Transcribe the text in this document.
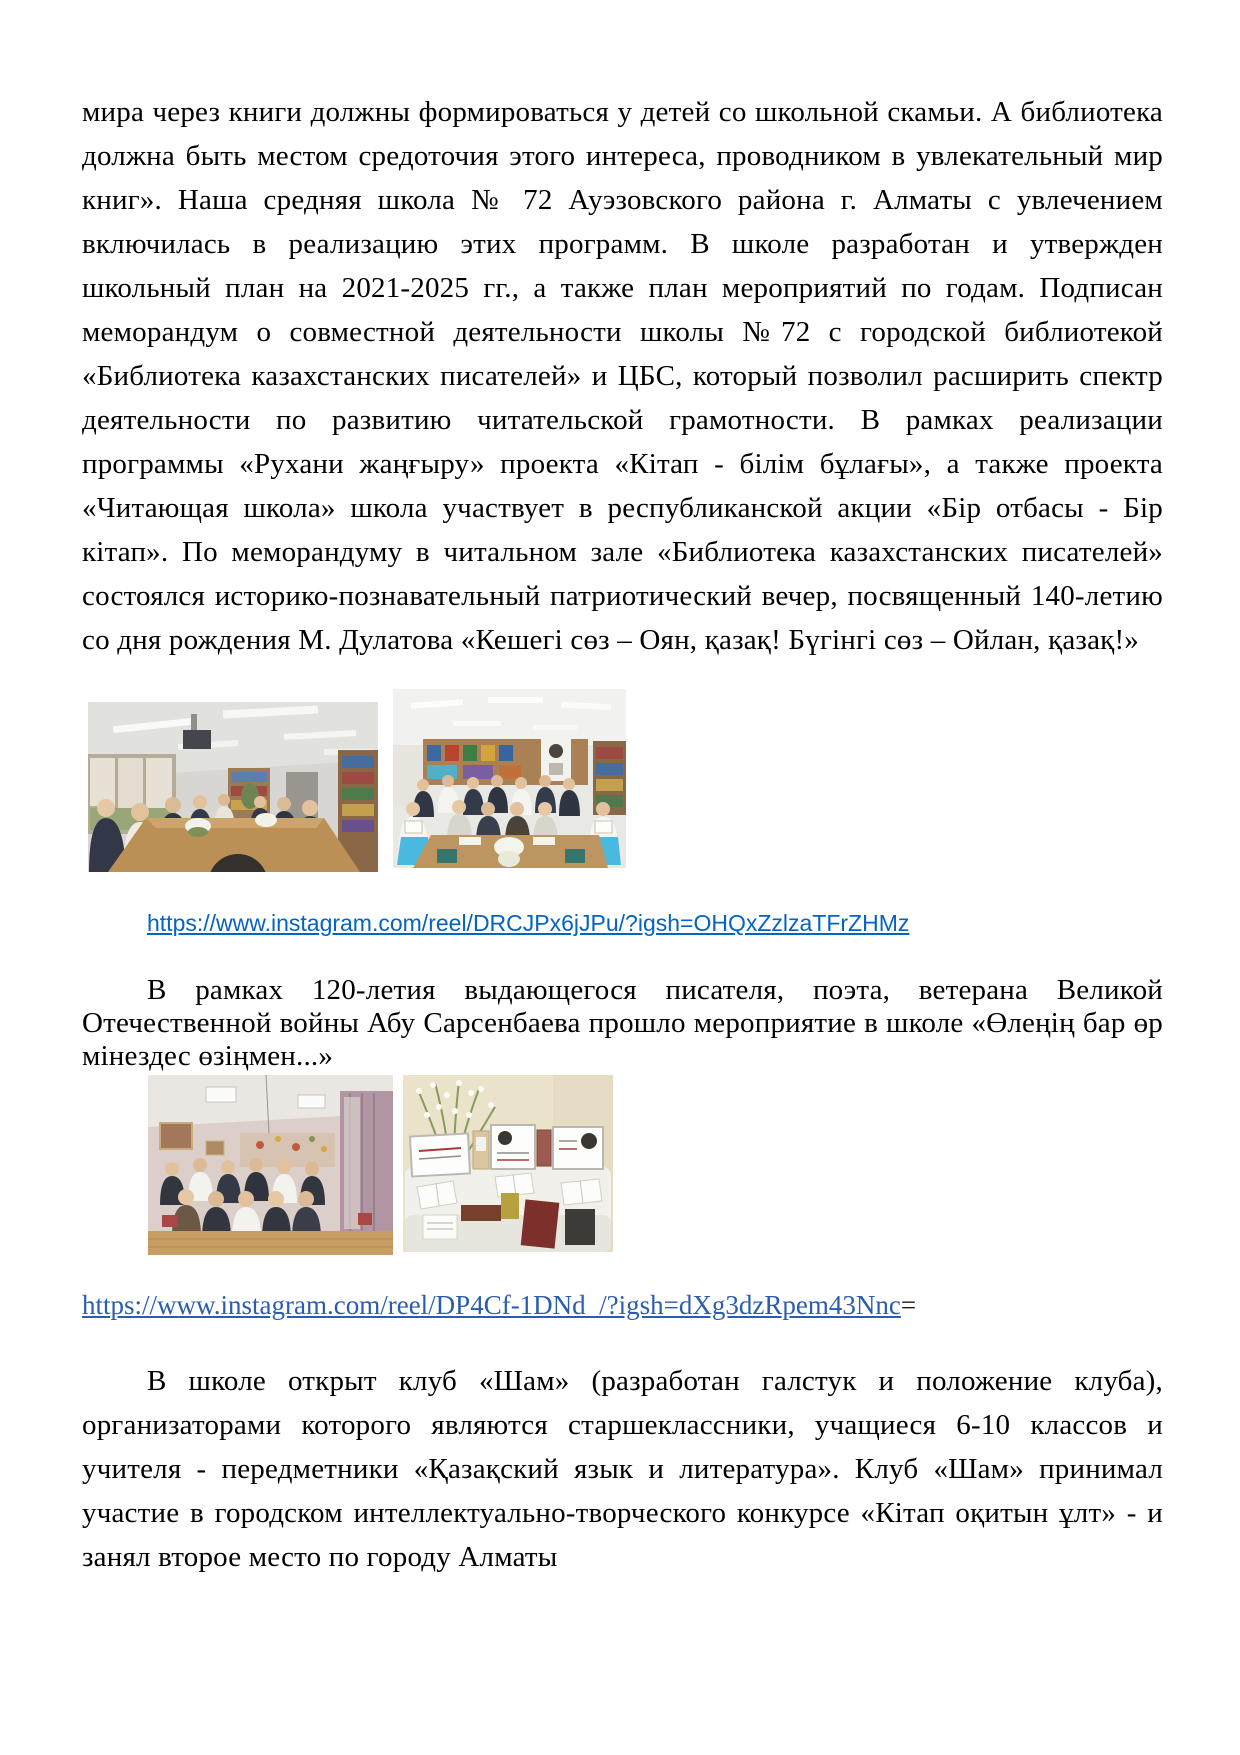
мира через книги должны формироваться у детей со школьной скамьи. А библиотека должна быть местом средоточия этого интереса, проводником в увлекательный мир книг». Наша средняя школа № 72 Ауэзовского района г. Алматы с увлечением включилась в реализацию этих программ. В школе разработан и утвержден школьный план на 2021-2025 гг., а также план мероприятий по годам. Подписан меморандум о совместной деятельности школы №72 с городской библиотекой «Библиотека казахстанских писателей» и ЦБС, который позволил расширить спектр деятельности по развитию читательской грамотности. В рамках реализации программы «Рухани жаңғыру» проекта «Кітап - білім бұлағы», а также проекта «Читающая школа» школа участвует в республиканской акции «Бір отбасы - Бір кітап». По меморандуму в читальном зале «Библиотека казахстанских писателей» состоялся историко-познавательный патриотический вечер, посвященный 140-летию со дня рождения М. Дулатова «Кешегі сөз – Оян, қазақ! Бүгінгі сөз – Ойлан, қазақ!»

https://www.instagram.com/reel/DRCJPx6jJPu/?igsh=OHQxZzlzaTFrZHMz

В рамках 120-летия выдающегося писателя, поэта, ветерана Великой Отечественной войны Абу Сарсенбаева прошло мероприятие в школе «Өлеңің бар өр мінездес өзіңмен...»

https://www.instagram.com/reel/DP4Cf-1DNd_/?igsh=dXg3dzRpem43Nnc=

В школе открыт клуб «Шам» (разработан галстук и положение клуба), организаторами которого являются старшеклассники, учащиеся 6-10 классов и учителя - передметники «Қазақский язык и литература». Клуб «Шам» принимал участие в городском интеллектуально-творческого конкурсе «Кітап оқитын ұлт» - и занял второе место по городу Алматы
